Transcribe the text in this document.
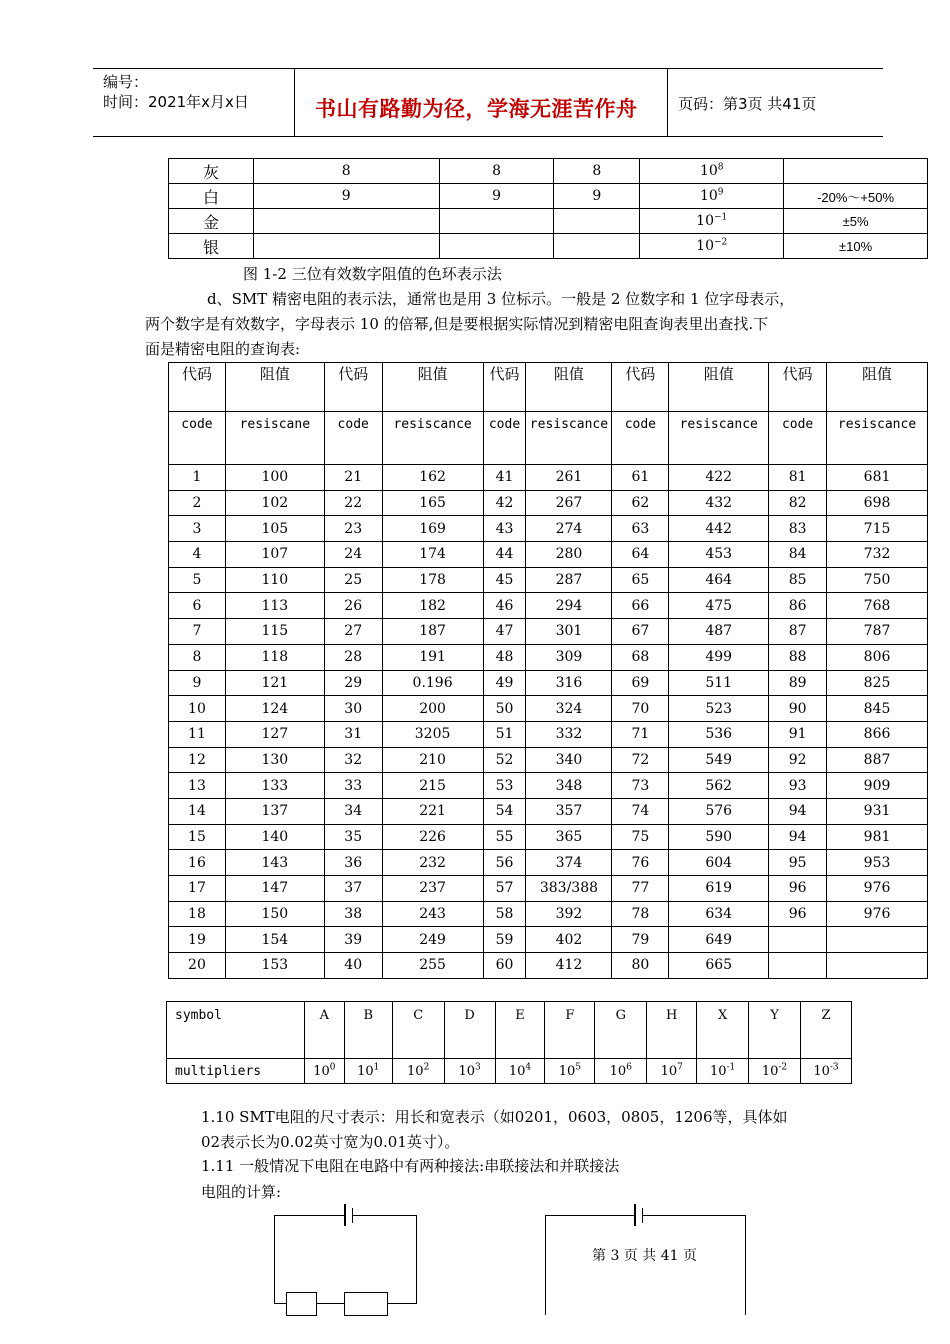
编号：
时间：2021年x月x日	书山有路勤为径，学海无涯苦作舟	页码：第3页 共41页
灰	8	8	8	$10^8$	
白	9	9	9	$10^9$	-20%～+50%
金				$10^{-1}$	±5%
银				$10^{-2}$	±10%
图 1-2 三位有效数字阻值的色环表示法
d、SMT 精密电阻的表示法，通常也是用 3 位标示。一般是 2 位数字和 1 位字母表示，
两个数字是有效数字，字母表示 10 的倍幂,但是要根据实际情况到精密电阻查询表里出查找.下
面是精密电阻的查询表:
代码	阻值	代码	阻值	代码	阻值	代码	阻值	代码	阻值
code	resiscane	code	resiscance	code	resiscance	code	resiscance	code	resiscance
1	100	21	162	41	261	61	422	81	681
2	102	22	165	42	267	62	432	82	698
3	105	23	169	43	274	63	442	83	715
4	107	24	174	44	280	64	453	84	732
5	110	25	178	45	287	65	464	85	750
6	113	26	182	46	294	66	475	86	768
7	115	27	187	47	301	67	487	87	787
8	118	28	191	48	309	68	499	88	806
9	121	29	0.196	49	316	69	511	89	825
10	124	30	200	50	324	70	523	90	845
11	127	31	3205	51	332	71	536	91	866
12	130	32	210	52	340	72	549	92	887
13	133	33	215	53	348	73	562	93	909
14	137	34	221	54	357	74	576	94	931
15	140	35	226	55	365	75	590	94	981
16	143	36	232	56	374	76	604	95	953
17	147	37	237	57	383/388	77	619	96	976
18	150	38	243	58	392	78	634	96	976
19	154	39	249	59	402	79	649		
20	153	40	255	60	412	80	665		
symbol	A	B	C	D	E	F	G	H	X	Y	Z
multipliers	$10^0$	$10^1$	$10^2$	$10^3$	$10^4$	$10^5$	$10^6$	$10^7$	$10^{-1}$	$10^{-2}$	$10^{-3}$
1.10 SMT电阻的尺寸表示：用长和宽表示（如0201，0603，0805，1206等，具体如
02表示长为0.02英寸宽为0.01英寸）。
1.11 一般情况下电阻在电路中有两种接法:串联接法和并联接法
电阻的计算:
第 3 页 共 41 页
